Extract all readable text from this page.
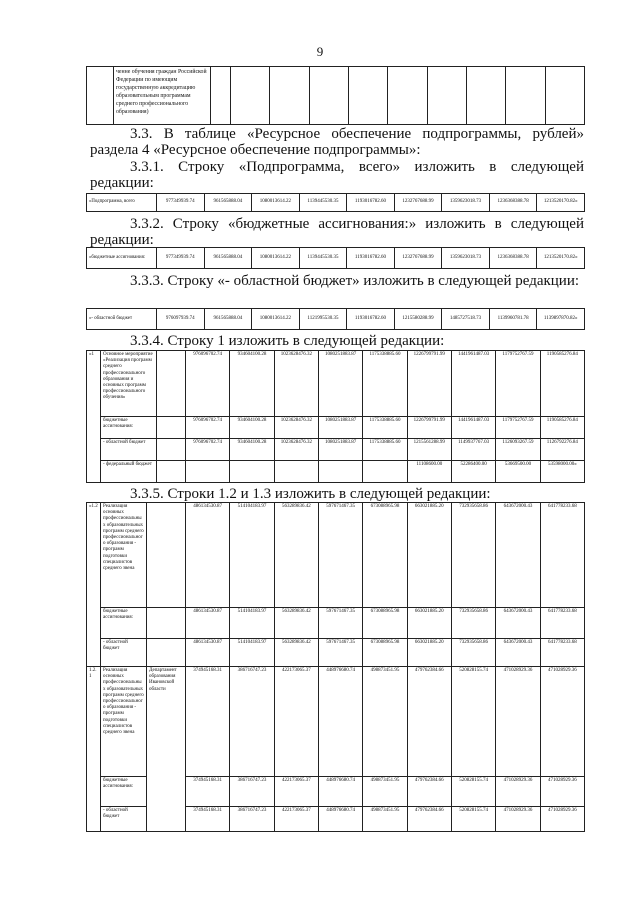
9
	ченне обучения граждан Российской Федерации по имеющим государственную аккредитацию образовательным программам среднего профессионального образования)										
3.3. В таблице «Ресурсное обеспечение подпрограммы, рублей» раздела 4 «Ресурсное обеспечение подпрограммы»:
3.3.1. Строку «Подпрограмма, всего» изложить в следующей редакции:
«Подпрограмма, всего	977349939.74	961565888.04	1080013614.22	1139445530.35	1193016782.60	1232767688.99	1359623018.73	1236368388.78	1213520170.82»
3.3.2. Строку «бюджетные ассигнования:» изложить в следующей редакции:
«бюджетные ассигнования:	977349939.74	961565888.04	1080013614.22	1139445530.35	1193016782.60	1232767688.99	1359623018.73	1236368388.78	1213520170.82»
3.3.3. Строку «- областной бюджет» изложить в следующей редакции:
«- областной бюджет	976097939.74	961565888.04	1080013614.22	1121995530.35	1193016782.60	1215580288.99	1485727518.73	1139960781.78	1139897870.82»
3.3.4. Строку 1 изложить в следующей редакции:
«1	Основное мероприятие «Реализация программ среднего профессионального образования и основных программ профессионального обучения»		976096702.74	934604100.28	1023628476.32	1080251883.87	1175338885.60	1226799791.99	1441961487.03	1179752767.59	1190585276.84
	бюджетные ассигнования:		976096702.74	934604100.28	1023628476.32	1080251883.87	1175338885.60	1226799791.99	1441961487.03	1179752767.59	1190585276.84
	- областной бюджет		976096702.74	934604100.28	1023628476.32	1080251883.87	1175338885.60	1215561288.99	1149937767.03	1126093267.59	1126792276.84
	- федеральный бюджет							11108600.00	52286400.00	53669500.00	53598000.00»
3.3.5. Строки 1.2 и 1.3 изложить в следующей редакции:
«1.2	Реализация основных профессиональных образовательных программ среднего профессионального образования - программ подготовки специалистов среднего звена		486134530.87	514104183.97	563289836.42	597671467.35	673088965.98	663021885.20	732935658.86	643672000.43	641778233.68
	бюджетные ассигнования:		486134530.87	514104183.97	563289836.42	597671467.35	673088965.98	663021885.20	732935658.86	643672000.43	641778233.68
	- областной бюджет		486134530.87	514104183.97	563289836.42	597671467.35	673088965.98	663021885.20	732935658.86	643672000.43	641778233.68
1.2.1	Реализация основных профессиональных образовательных программ среднего профессионального образования - программ подготовки специалистов среднего звена	Департамент образования Ивановской области	374945168.31	386716747.23	422173065.37	448976680.74	498873451.95	479762384.66	520828155.74	471028929.36	471028929.36
	бюджетные ассигнования:		374945168.31	386716747.23	422173065.37	448976680.74	498873451.95	479762384.66	520828155.74	471028929.36	471028929.36
	- областной бюджет		374945168.31	386716747.23	422173065.37	448976680.74	498873451.95	479762384.66	520828155.74	471028929.36	471028929.36
